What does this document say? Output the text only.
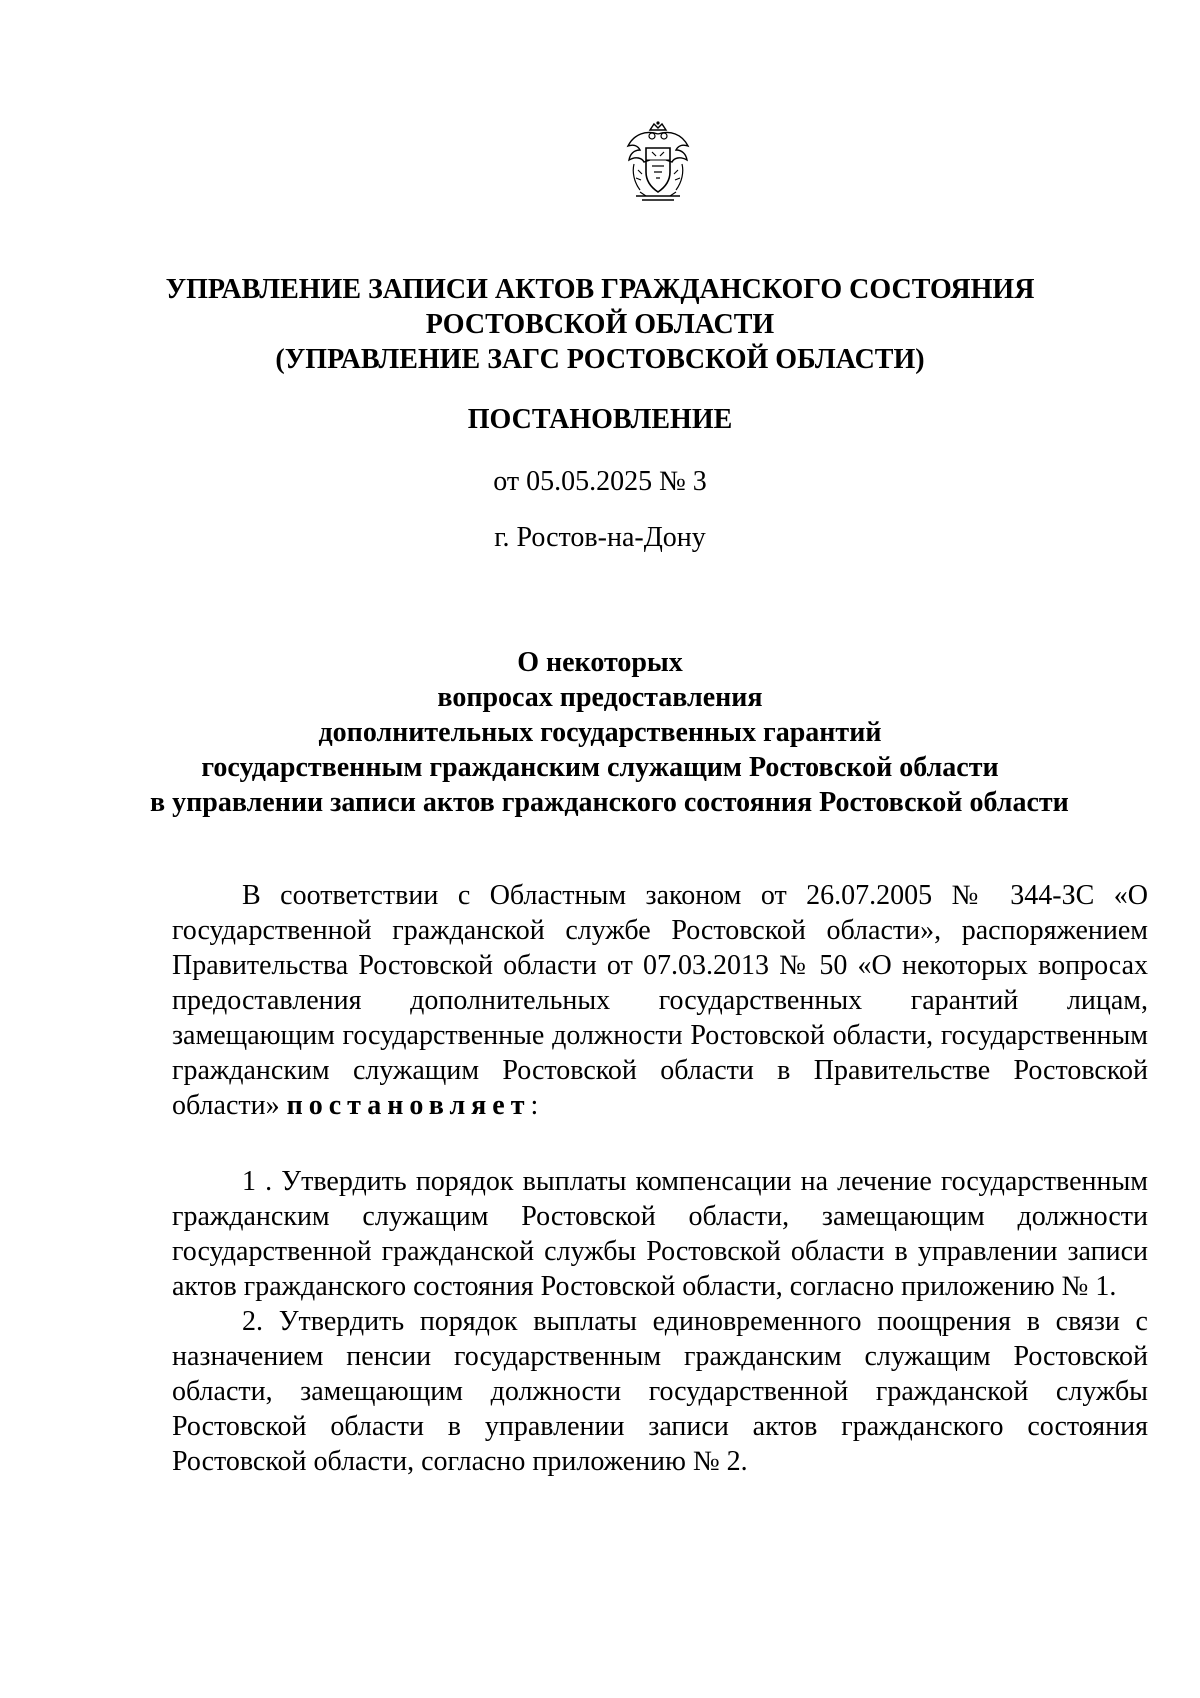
УПРАВЛЕНИЕ ЗАПИСИ АКТОВ ГРАЖДАНСКОГО СОСТОЯНИЯ
РОСТОВСКОЙ ОБЛАСТИ
(УПРАВЛЕНИЕ ЗАГС РОСТОВСКОЙ ОБЛАСТИ)
ПОСТАНОВЛЕНИЕ
от 05.05.2025 № 3
г. Ростов-на-Дону
О некоторых
вопросах предоставления
дополнительных государственных гарантий
государственным гражданским служащим Ростовской области
в управлении записи актов гражданского состояния Ростовской области

В соответствии с Областным законом от 26.07.2005 № 344-ЗС «О государственной гражданской службе Ростовской области», распоряжением Правительства Ростовской области от 07.03.2013 № 50 «О некоторых вопросах предоставления дополнительных государственных гарантий лицам, замещающим государственные должности Ростовской области, государственным гражданским служащим Ростовской области в Правительстве Ростовской области» постановляет:

1 . Утвердить порядок выплаты компенсации на лечение государственным гражданским служащим Ростовской области, замещающим должности государственной гражданской службы Ростовской области в управлении записи актов гражданского состояния Ростовской области, согласно приложению № 1.

2. Утвердить порядок выплаты единовременного поощрения в связи с назначением пенсии государственным гражданским служащим Ростовской области, замещающим должности государственной гражданской службы Ростовской области в управлении записи актов гражданского состояния Ростовской области, согласно приложению № 2.
